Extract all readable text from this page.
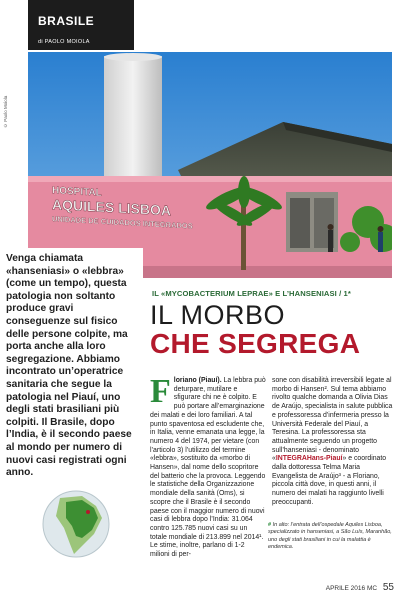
BRASILE
di PAOLO MOIOLA
© Paolo Moiola
HOSPITAL
AQUILES LISBOA
UNIDADE DE CUIDADOS INTEGRADOS

Venga chiamata «hanseniasi» o «lebbra» (come un tempo), questa patologia non soltanto produce gravi conseguenze sul fisico delle persone colpite, ma porta anche alla loro segregazione. Abbiamo incontrato un’operatrice sanitaria che segue la patologia nel Piauí, uno degli stati brasiliani più colpiti. Il Brasile, dopo l’India, è il secondo paese al mondo per numero di nuovi casi registrati ogni anno.

IL «MYCOBACTERIUM LEPRAE» E L’HANSENIASI / 1*
IL MORBO
CHE SEGREGA
Floriano (Piauí). La lebbra può deturpare, mutilare e sfigurare chi ne è colpito. E può portare all’emarginazione dei malati e dei loro familiari. A tal punto spaventosa ed escludente che, in Italia, venne emanata una legge, la numero 4 del 1974, per vietare (con l’articolo 3) l’utilizzo del termine «lebbra», sostituito da «morbo di Hansen», dal nome dello scopritore del batterio che la provoca. Leggendo le statistiche della Organizzazione mondiale della sanità (Oms), si scopre che il Brasile è il secondo paese con il maggior numero di nuovi casi di lebbra dopo l’India: 31.064 contro 125.785 nuovi casi su un totale mondiale di 213.899 nel 2014¹. Le stime, inoltre, parlano di 1-2 milioni di per-
sone con disabilità irreversibili legate al morbo di Hansen². Sul tema abbiamo rivolto qualche domanda a Olivia Dias de Araújo, specialista in salute pubblica e professoressa d’infermeria presso la Università Federale del Piauí, a Teresina. La professoressa sta attualmente seguendo un progetto sull’hanseniasi - denominato «INTEGRAHans-Piauí» e coordinato dalla dottoressa Telma Maria Evangelista de Araújo³ - a Floriano, piccola città dove, in questi anni, il numero dei malati ha raggiunto livelli preoccupanti.
# In alto: l’entrata dell’ospedale Aquiles Lisboa, specializzato in hanseniasi, a São Luís, Maranhão, uno degli stati brasiliani in cui la malattia è endemica.
APRILE 2016 MC 55
